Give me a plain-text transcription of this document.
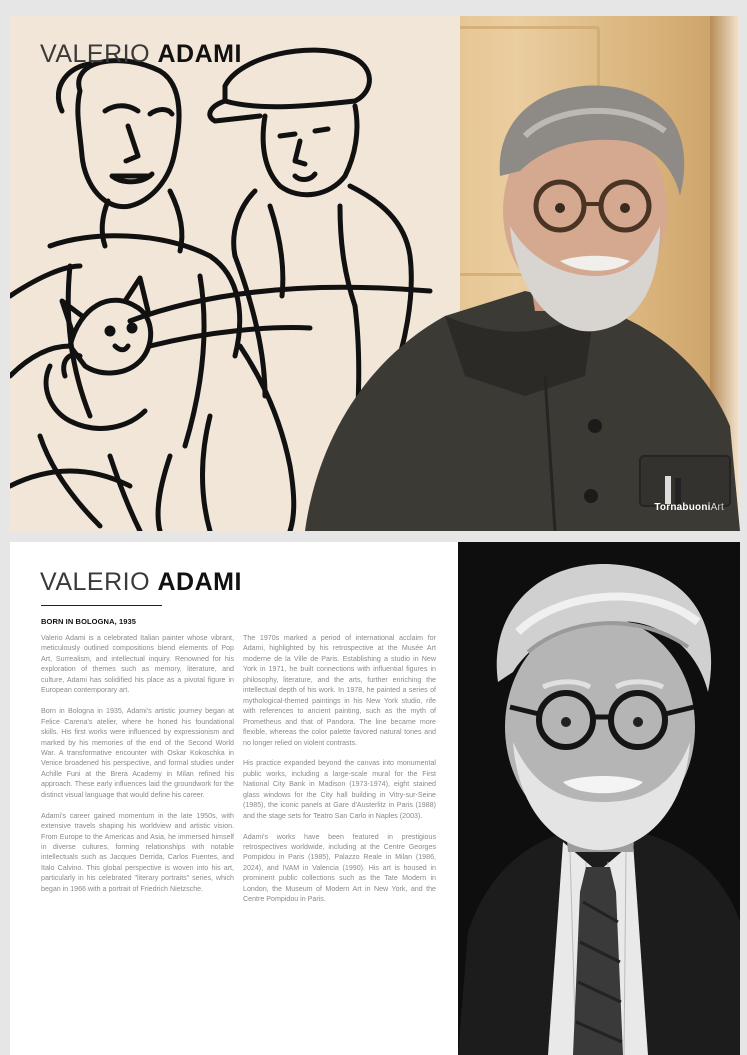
VALERIO ADAMI
TornabuoniArt
VALERIO ADAMI
BORN IN BOLOGNA, 1935

Valerio Adami is a celebrated Italian painter whose vibrant, meticulously outlined compositions blend elements of Pop Art, Surrealism, and intellectual inquiry. Renowned for his exploration of themes such as memory, literature, and culture, Adami has solidified his place as a pivotal figure in European contemporary art.

Born in Bologna in 1935, Adami's artistic journey began at Felice Carena's atelier, where he honed his foundational skills. His first works were influenced by expressionism and marked by his memories of the end of the Second World War. A transformative encounter with Oskar Kokoschka in Venice broadened his perspective, and formal studies under Achille Funi at the Brera Academy in Milan refined his approach. These early influences laid the groundwork for the distinct visual language that would define his career.

Adami's career gained momentum in the late 1950s, with extensive travels shaping his worldview and artistic vision. From Europe to the Americas and Asia, he immersed himself in diverse cultures, forming relationships with notable intellectuals such as Jacques Derrida, Carlos Fuentes, and Italo Calvino. This global perspective is woven into his art, particularly in his celebrated "literary portraits" series, which began in 1966 with a portrait of Friedrich Nietzsche.

The 1970s marked a period of international acclaim for Adami, highlighted by his retrospective at the Musée Art moderne de la Ville de Paris. Establishing a studio in New York in 1971, he built connections with influential figures in philosophy, literature, and the arts, further enriching the intellectual depth of his work. In 1978, he painted a series of mythological-themed paintings in his New York studio, rife with references to ancient painting, such as the myth of Prometheus and that of Pandora. The line became more flexible, whereas the color palette favored natural tones and no longer relied on violent contrasts.

His practice expanded beyond the canvas into monumental public works, including a large-scale mural for the First National City Bank in Madison (1973-1974), eight stained glass windows for the City hall building in Vitry-sur-Seine (1985), the iconic panels at Gare d'Austerlitz in Paris (1988) and the stage sets for Teatro San Carlo in Naples (2003).

Adami's works have been featured in prestigious retrospectives worldwide, including at the Centre Georges Pompidou in Paris (1985), Palazzo Reale in Milan (1986, 2024), and IVAM in Valencia (1990). His art is housed in prominent public collections such as the Tate Modern in London, the Museum of Modern Art in New York, and the Centre Pompidou in Paris.
